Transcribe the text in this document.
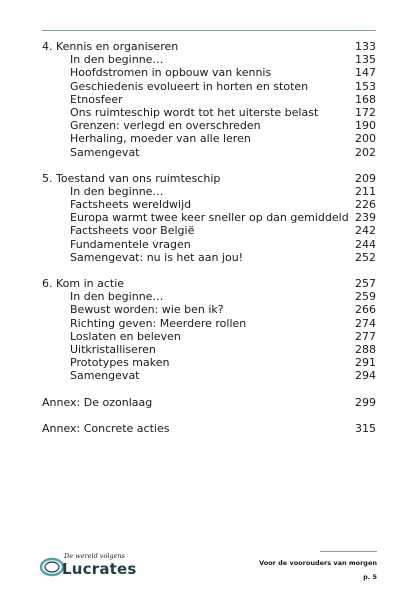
4. Kennis en organiseren	133
In den beginne…	135
Hoofdstromen in opbouw van kennis	147
Geschiedenis evolueert in horten en stoten	153
Etnosfeer	168
Ons ruimteschip wordt tot het uiterste belast	172
Grenzen: verlegd en overschreden	190
Herhaling, moeder van alle leren	200
Samengevat	202
5. Toestand van ons ruimteschip	209
In den beginne…	211
Factsheets wereldwijd	226
Europa warmt twee keer sneller op dan gemiddeld 239
Factsheets voor België	242
Fundamentele vragen	244
Samengevat: nu is het aan jou!	252
6. Kom in actie	257
In den beginne…	259
Bewust worden: wie ben ik?	266
Richting geven: Meerdere rollen	274
Loslaten en beleven	277
Uitkristalliseren	288
Prototypes maken	291
Samengevat	294
Annex: De ozonlaag	299
Annex: Concrete acties	315
De wereld volgens
Lucrates	Voor de voorouders van morgen
p. 5
